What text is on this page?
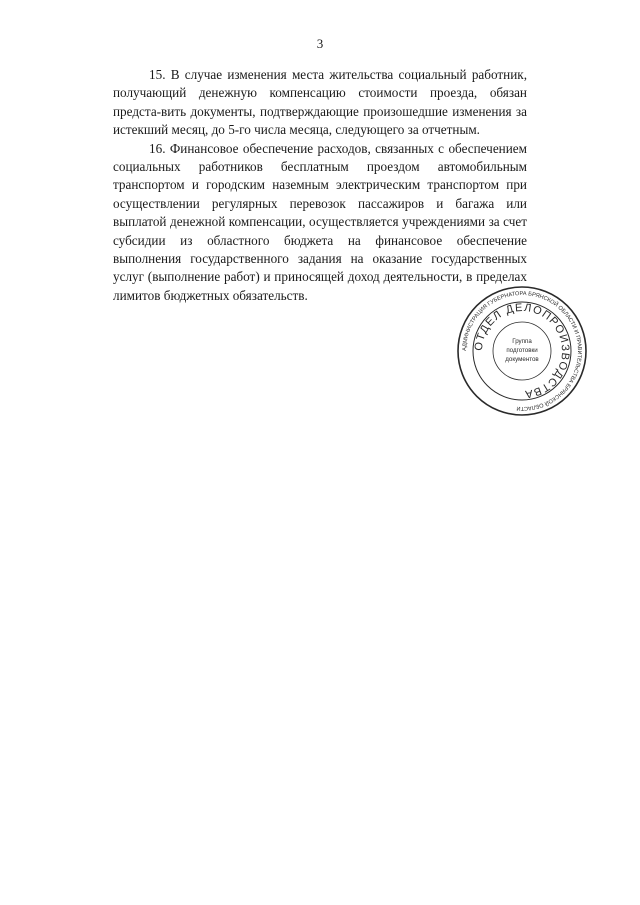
3

15. В случае изменения места жительства социальный работник, получающий денежную компенсацию стоимости проезда, обязан предста-вить документы, подтверждающие произошедшие изменения за истекший месяц, до 5-го числа месяца, следующего за отчетным.

16. Финансовое обеспечение расходов, связанных с обеспечением социальных работников бесплатным проездом автомобильным транспортом и городским наземным электрическим транспортом при осуществлении регулярных перевозок пассажиров и багажа или выплатой денежной компенсации, осуществляется учреждениями за счет субсидии из областного бюджета на финансовое обеспечение выполнения государственного задания на оказание государственных услуг (выполнение работ) и приносящей доход деятельности, в пределах лимитов бюджетных обязательств.

АДМИНИСТРАЦИЯ ГУБЕРНАТОРА БРЯНСКОЙ ОБЛАСТИ И ПРАВИТЕЛЬСТВА БРЯНСКОЙ ОБЛАСТИ
ОТДЕЛ ДЕЛОПРОИЗВОДСТВА
Группа
подготовки
документов
